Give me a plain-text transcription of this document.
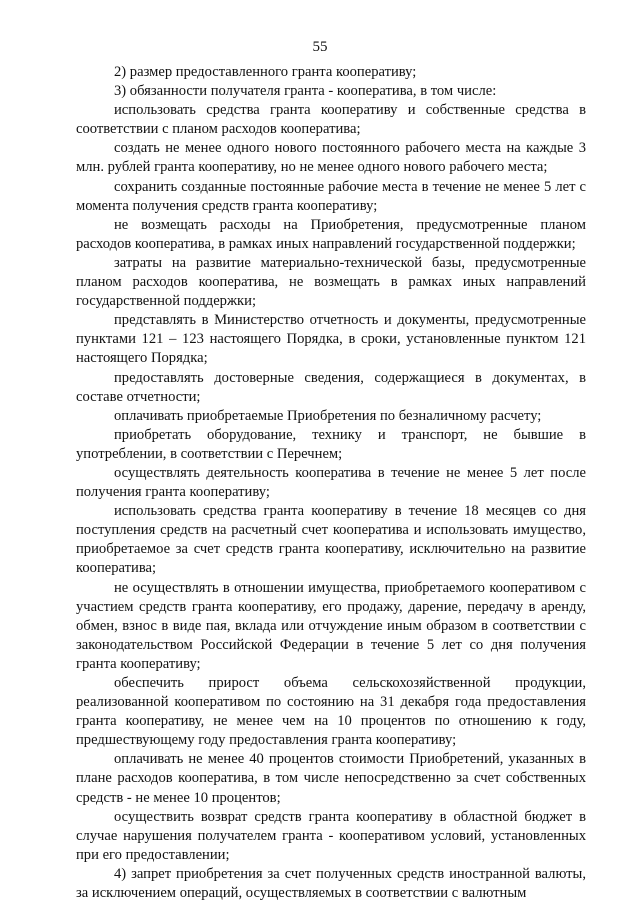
55

2) размер предоставленного гранта кооперативу;

3) обязанности получателя гранта - кооператива, в том числе:

использовать средства гранта кооперативу и собственные средства в соответствии с планом расходов кооператива;

создать не менее одного нового постоянного рабочего места на каждые 3 млн. рублей гранта кооперативу, но не менее одного нового рабочего места;

сохранить созданные постоянные рабочие места в течение не менее 5 лет с момента получения средств гранта кооперативу;

не возмещать расходы на Приобретения, предусмотренные планом расходов кооператива, в рамках иных направлений государственной поддержки;

затраты на развитие материально-технической базы, предусмотренные планом расходов кооператива, не возмещать в рамках иных направлений государственной поддержки;

представлять в Министерство отчетность и документы, предусмотренные пунктами 121 – 123 настоящего Порядка, в сроки, установленные пунктом 121 настоящего Порядка;

предоставлять достоверные сведения, содержащиеся в документах, в составе отчетности;

оплачивать приобретаемые Приобретения по безналичному расчету;

приобретать оборудование, технику и транспорт, не бывшие в употреблении, в соответствии с Перечнем;

осуществлять деятельность кооператива в течение не менее 5 лет после получения гранта кооперативу;

использовать средства гранта кооперативу в течение 18 месяцев со дня поступления средств на расчетный счет кооператива и использовать имущество, приобретаемое за счет средств гранта кооперативу, исключительно на развитие кооператива;

не осуществлять в отношении имущества, приобретаемого кооперативом с участием средств гранта кооперативу, его продажу, дарение, передачу в аренду, обмен, взнос в виде пая, вклада или отчуждение иным образом в соответствии с законодательством Российской Федерации в течение 5 лет со дня получения гранта кооперативу;

обеспечить прирост объема сельскохозяйственной продукции, реализованной кооперативом по состоянию на 31 декабря года предоставления гранта кооперативу, не менее чем на 10 процентов по отношению к году, предшествующему году предоставления гранта кооперативу;

оплачивать не менее 40 процентов стоимости Приобретений, указанных в плане расходов кооператива, в том числе непосредственно за счет собственных средств - не менее 10 процентов;

осуществить возврат средств гранта кооперативу в областной бюджет в случае нарушения получателем гранта - кооперативом условий, установленных при его предоставлении;

4) запрет приобретения за счет полученных средств иностранной валюты, за исключением операций, осуществляемых в соответствии с валютным
